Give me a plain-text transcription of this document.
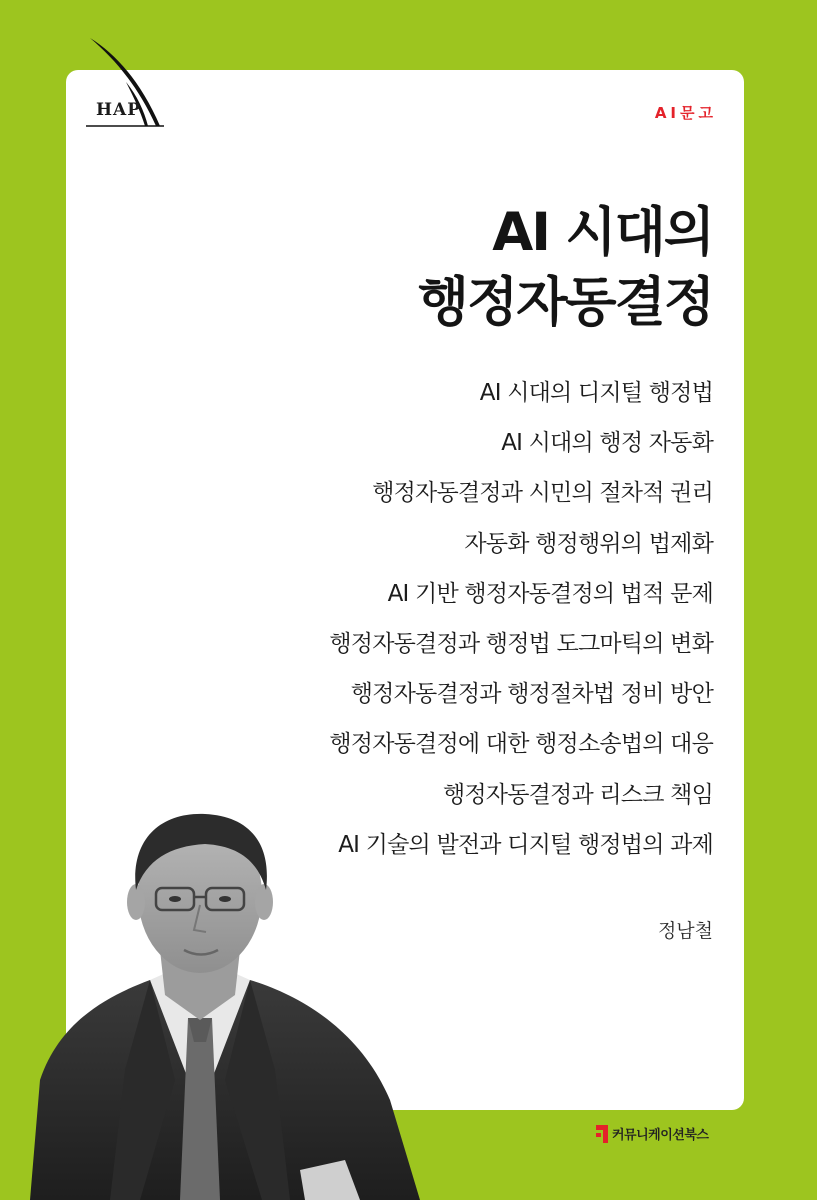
HAP	AI문고
AI 시대의
행정자동결정
AI 시대의 디지털 행정법
AI 시대의 행정 자동화
행정자동결정과 시민의 절차적 권리
자동화 행정행위의 법제화
AI 기반 행정자동결정의 법적 문제
행정자동결정과 행정법 도그마틱의 변화
행정자동결정과 행정절차법 정비 방안
행정자동결정에 대한 행정소송법의 대응
행정자동결정과 리스크 책임
AI 기술의 발전과 디지털 행정법의 과제
정남철
커뮤니케이션북스
